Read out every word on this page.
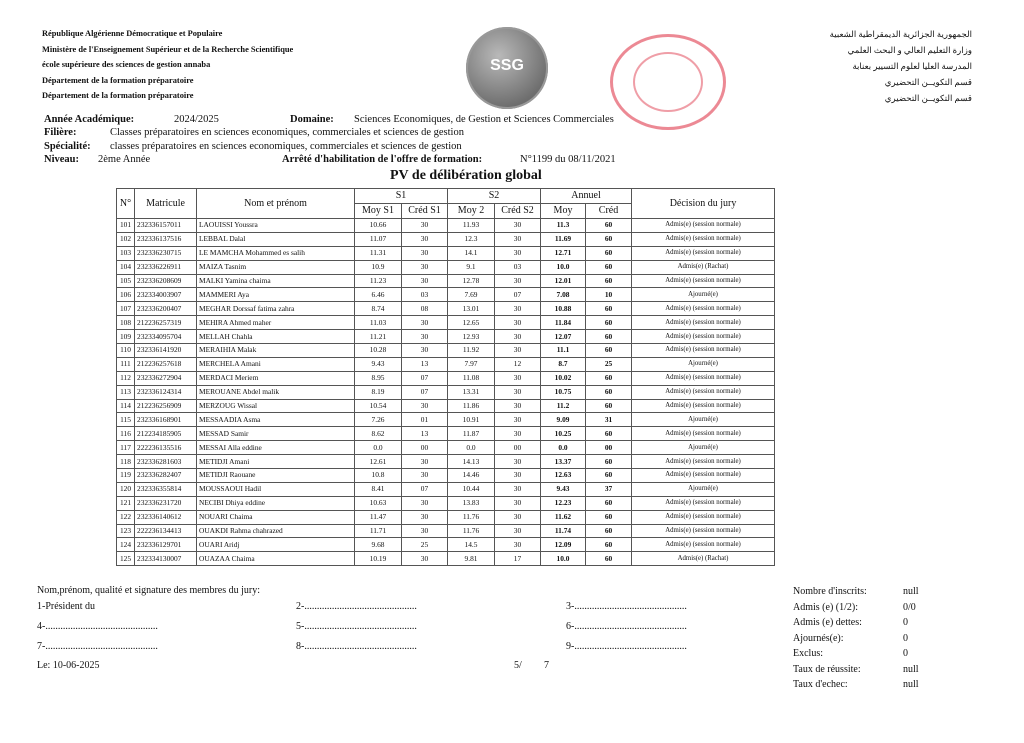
République Algérienne Démocratique et Populaire
Ministère de l'Enseignement Supérieur et de la Recherche Scientifique
école supérieure des sciences de gestion annaba
Département de la formation préparatoire
Département de la formation préparatoire
SSG
الجمهورية الجزائرية الديمقراطية الشعبية
وزارة التعليم العالي و البحث العلمي
المدرسة العليا لعلوم التسيير بعنابة
قسم التكويــن التحضيري
قسم التكويــن التحضيري
Année Académique:	2024/2025	Domaine: Sciences Economiques, de Gestion et Sciences Commerciales
Filière:	Classes préparatoires en sciences economiques, commerciales et sciences de gestion
Spécialité: classes préparatoires en sciences economiques, commerciales et sciences de gestion
Niveau: 2ème Année	Arrêté d'habilitation de l'offre de formation:	N°1199 du 08/11/2021
PV de délibération global
N°	Matricule	Nom et prénom	S1		S2		Annuel		Décision du jury
			Moy S1	Créd S1	Moy 2	Créd S2	Moy	Créd	
101	232336157011	LAOUISSI Youssra	10.66	30	11.93	30	11.3	60	Admis(e) (session normale)
102	232336137516	LEBBAL Dalal	11.07	30	12.3	30	11.69	60	Admis(e) (session normale)
103	232336230715	LE MAMCHA Mohammed es salih	11.31	30	14.1	30	12.71	60	Admis(e) (session normale)
104	232336226911	MAIZA Tasnim	10.9	30	9.1	03	10.0	60	Admis(e) (Rachat)
105	232336208609	MALKI Yamina chaima	11.23	30	12.78	30	12.01	60	Admis(e) (session normale)
106	232334003907	MAMMERI Aya	6.46	03	7.69	07	7.08	10	Ajourné(e)
107	232336200407	MEGHAR Dorssaf fatima zahra	8.74	08	13.01	30	10.88	60	Admis(e) (session normale)
108	212236257319	MEHIRA Ahmed maher	11.03	30	12.65	30	11.84	60	Admis(e) (session normale)
109	232334095704	MELLAH Chahla	11.21	30	12.93	30	12.07	60	Admis(e) (session normale)
110	232336141920	MERAIHIA Malak	10.28	30	11.92	30	11.1	60	Admis(e) (session normale)
111	212236257618	MERCHELA Amani	9.43	13	7.97	12	8.7	25	Ajourné(e)
112	232336272904	MERDACI Meriem	8.95	07	11.08	30	10.02	60	Admis(e) (session normale)
113	232336124314	MEROUANE Abdel malik	8.19	07	13.31	30	10.75	60	Admis(e) (session normale)
114	212236256909	MERZOUG Wissal	10.54	30	11.86	30	11.2	60	Admis(e) (session normale)
115	232336168901	MESSAADIA Asma	7.26	01	10.91	30	9.09	31	Ajourné(e)
116	212234185905	MESSAD Samir	8.62	13	11.87	30	10.25	60	Admis(e) (session normale)
117	222236135516	MESSAI Alla eddine	0.0	00	0.0	00	0.0	00	Ajourné(e)
118	232336281603	METIDJI Amani	12.61	30	14.13	30	13.37	60	Admis(e) (session normale)
119	232336282407	METIDJI Raouane	10.8	30	14.46	30	12.63	60	Admis(e) (session normale)
120	232336355814	MOUSSAOUI Hadil	8.41	07	10.44	30	9.43	37	Ajourné(e)
121	232336231720	NECIBI Dhiya eddine	10.63	30	13.83	30	12.23	60	Admis(e) (session normale)
122	232336140612	NOUARI Chaima	11.47	30	11.76	30	11.62	60	Admis(e) (session normale)
123	222236134413	OUAKDI Rahma chahrazed	11.71	30	11.76	30	11.74	60	Admis(e) (session normale)
124	232336129701	OUARI Aridj	9.68	25	14.5	30	12.09	60	Admis(e) (session normale)
125	232334130007	OUAZAA Chaima	10.19	30	9.81	17	10.0	60	Admis(e) (Rachat)
Nom,prénom, qualité et signature des membres du jury:
1-Président du	2-.............................................	3-.............................................
4-.............................................	5-.............................................	6-.............................................
7-.............................................	8-.............................................	9-.............................................
Le: 10-06-2025	5/ 7
Nombre d'inscrits:	null
Admis (e) (1/2):	0/0
Admis (e) dettes:	0
Ajournés(e):	0
Exclus:	0
Taux de réussite:	null
Taux d'echec:	null
